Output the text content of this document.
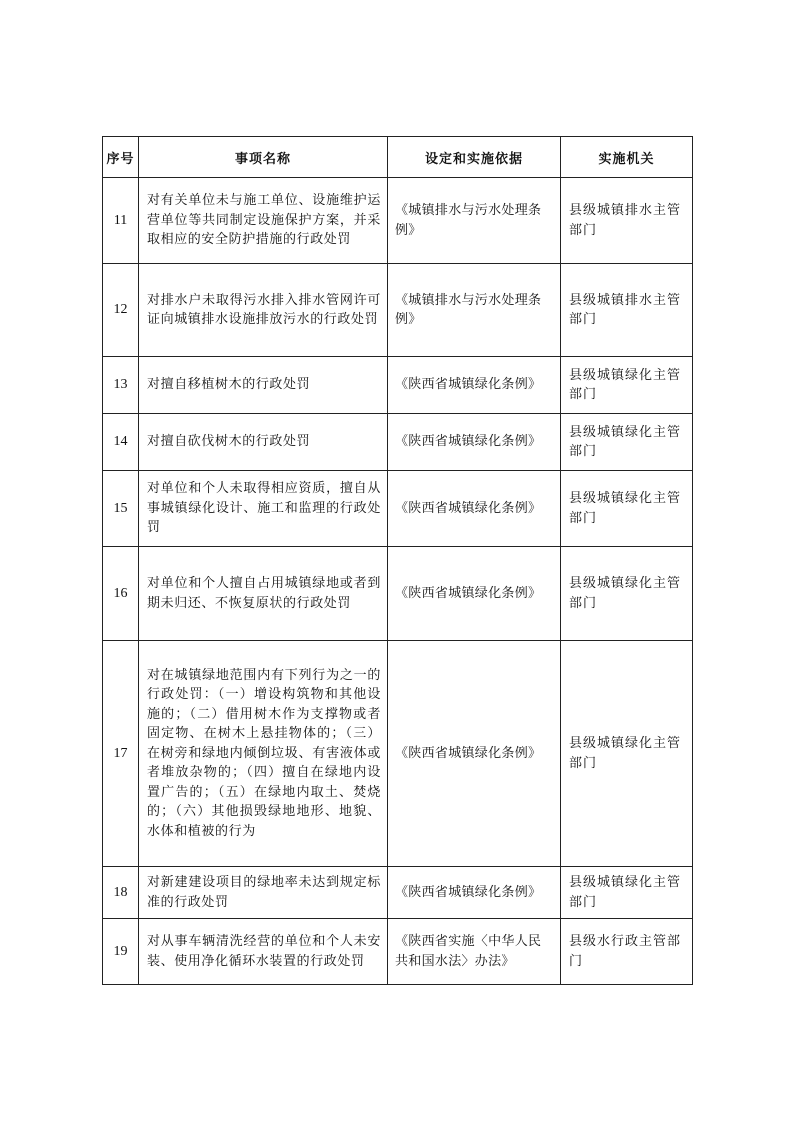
序号	事项名称	设定和实施依据	实施机关
11	对有关单位未与施工单位、设施维护运营单位等共同制定设施保护方案，并采取相应的安全防护措施的行政处罚	《城镇排水与污水处理条例》	县级城镇排水主管部门
12	对排水户未取得污水排入排水管网许可证向城镇排水设施排放污水的行政处罚	《城镇排水与污水处理条例》	县级城镇排水主管部门
13	对擅自移植树木的行政处罚	《陕西省城镇绿化条例》	县级城镇绿化主管部门
14	对擅自砍伐树木的行政处罚	《陕西省城镇绿化条例》	县级城镇绿化主管部门
15	对单位和个人未取得相应资质，擅自从事城镇绿化设计、施工和监理的行政处罚	《陕西省城镇绿化条例》	县级城镇绿化主管部门
16	对单位和个人擅自占用城镇绿地或者到期未归还、不恢复原状的行政处罚	《陕西省城镇绿化条例》	县级城镇绿化主管部门
17	对在城镇绿地范围内有下列行为之一的行政处罚：（一）增设构筑物和其他设施的；（二）借用树木作为支撑物或者固定物、在树木上悬挂物体的；（三）在树旁和绿地内倾倒垃圾、有害液体或者堆放杂物的；（四）擅自在绿地内设置广告的；（五）在绿地内取土、焚烧的；（六）其他损毁绿地地形、地貌、水体和植被的行为	《陕西省城镇绿化条例》	县级城镇绿化主管部门
18	对新建建设项目的绿地率未达到规定标准的行政处罚	《陕西省城镇绿化条例》	县级城镇绿化主管部门
19	对从事车辆清洗经营的单位和个人未安装、使用净化循环水装置的行政处罚	《陕西省实施〈中华人民共和国水法〉办法》	县级水行政主管部门
